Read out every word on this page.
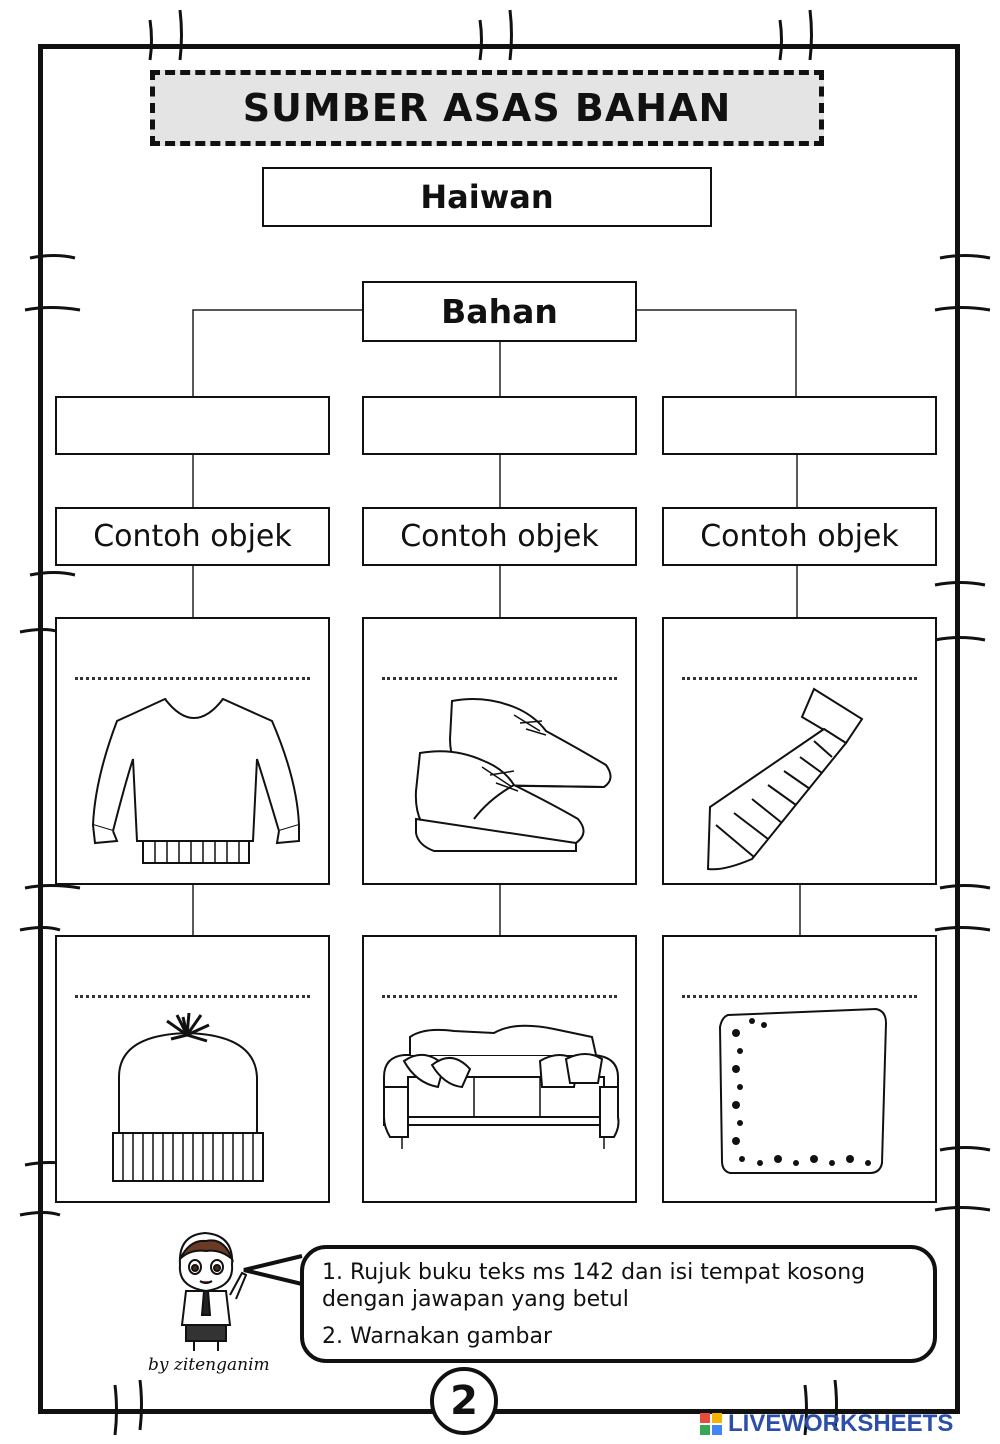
SUMBER ASAS BAHAN
Haiwan
Bahan
Contoh objek	Contoh objek	Contoh objek
by zitenganim

1. Rujuk buku teks ms 142 dan isi tempat kosong dengan jawapan yang betul

2. Warnakan gambar

2	LIVEWORKSHEETS
